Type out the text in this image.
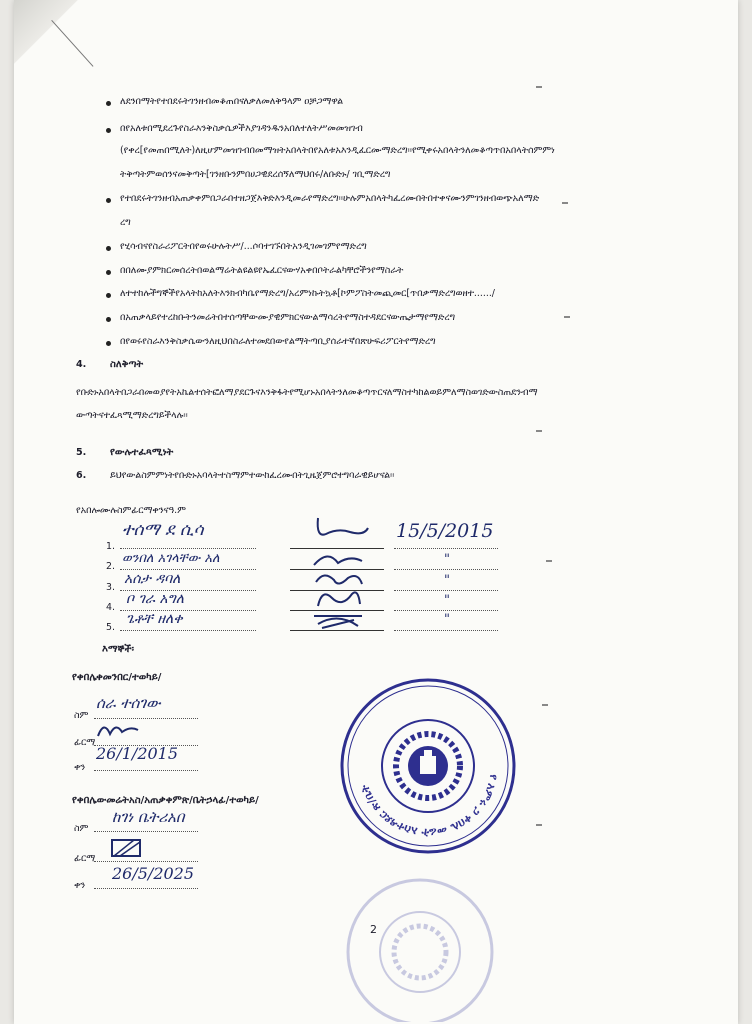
ለደንበማትየተበደሩትገንዘብመቆጠበናለቃለመለቅዓላም ዐቻጋማዋል
በየአለቱበሚደረጉየስራእንቅስቃሴዎችእያገዳንዱንአበለተለትሥመመዝገብ
(የቀረ[የመጠበሚለት)ለዚሆምመዝገብበመማዝትአበላትበየአለቱአእንዲፈርሙማድረግ፡፡የሚቀሩአበላትንለመቆጣጥበአበላትሰምምነ
ትቅጣትምወሰንናመቅጣት[ገንዘቡንምበሀጋዊደረሰኝለማህበሩ/ለቡድኑ/ ገቢማድረግ
የተበደሩትገንዘብአጠቃቀምበጋራበተዘጋጀእቅድእንዲመራየማድረግ፡፡ሁሉምአበላትካፈረሙበትበተቀናሙንምገንዘብወጭአለማድ
ረግ
የሂሳብናየስራሪፖርትበየወሩሁሉትሥ/...ሶባተገኙበትአንዲገመገምየማድረግ
በበለሙያምክርመሰረትበወልማሬትልዩልዩየኤፈርናውሃአቀበቦትራልካቸሮችንየማስራት
ለተተከሉችግኞችየአላትከአለትእንክብካቤየማድረግ/አረምነኩትኳቶ[ኮምፖስትመጪመር[ጥበቃማድረግወዘተ....../
በአጠቃላይየተረከቡትንመሬትበተሰጣቸውሙያዊምክርናውልማሳረትየማስተዳደርናውጤታማየማድረግ
በየወሩየስራእንቅስቃሴውንለዚህበስራለተመደበውየልማትጣቢያሰራተኛበጽሁፍሪፖርትየማድረግ
4. ስለቅጣት
የቡድኑአበላትበጋራበመወያየትአኬልተሰትፎለማያደርጉናእንቅፋትየሚሆኑአበላትንለመቆጣጥርናለማስተካከልወይምለማስወገድውስጠደንብማ
ውጣትናተፈጻሚማድረግይችላሉ፡፡
5. የውሉተፈጻሚነት
6.	ይህየውልስምምነትየቡድኑአባላትተስማምተውከፈረሙበትጊዜጀምሮተግባራዊይሆናል፡፡
የአበሎሙሉስምፊርማቀንናዓ.ም
1.
ተሰማ ደ ሲሳ	15/5/2015
2.
ወንበለ አገላቸው አለ	"
3.
አሰታ ዳባለ	"
4.
ቦ ገራ አግለ	"
5.
ጌቶቸ ዘለቀ	"
እማኞች፡
የቀበሌቀመንበር/ተወካይ/
ስም
ሰራ ተሰገው
ፊርማ
ቀን
26/1/2015
የቀበሌውመሬትአስ/አጠቃቀምጽ/ቤትኃላፊ/ተወካይ/
ስም
ከገነ ቤትሪአበ
ፊርማ
ቀን
26/5/2025
የ አምሩ ጋ ቀበሌ መሬት አስተዳደር ጽ/ቤት
2
